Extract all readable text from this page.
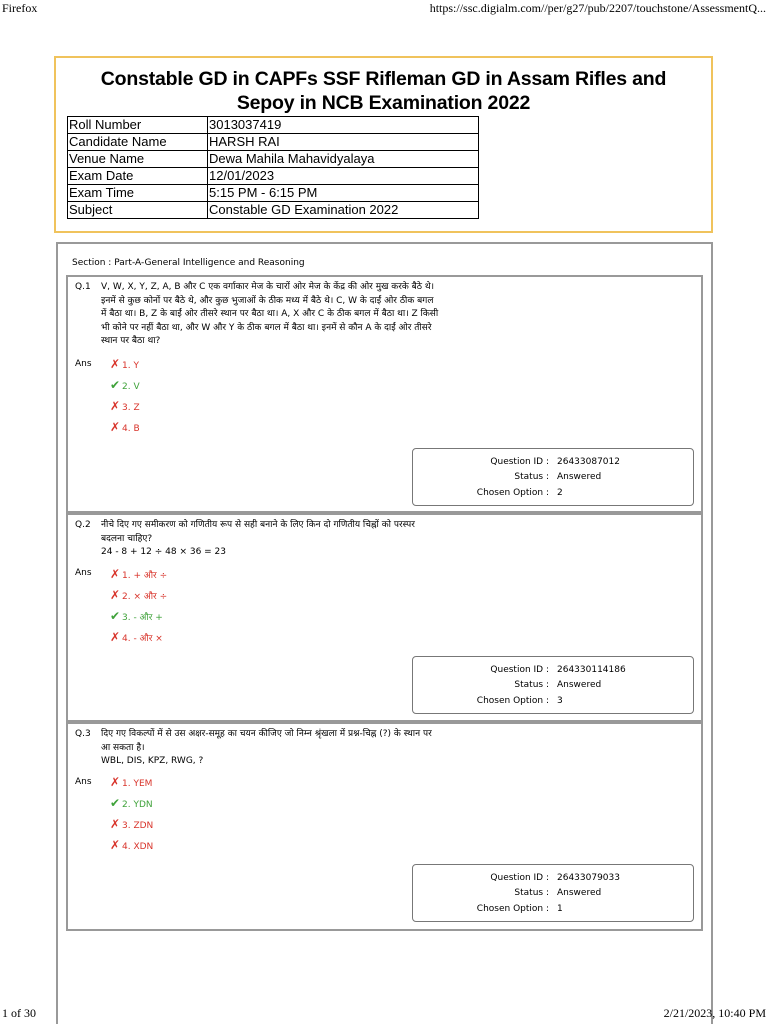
Firefox	https://ssc.digialm.com//per/g27/pub/2207/touchstone/AssessmentQ...
Constable GD in CAPFs SSF Rifleman GD in Assam Rifles and Sepoy in NCB Examination 2022
Roll Number	3013037419
Candidate Name	HARSH RAI
Venue Name	Dewa Mahila Mahavidyalaya
Exam Date	12/01/2023
Exam Time	5:15 PM - 6:15 PM
Subject	Constable GD Examination 2022
Section : Part-A-General Intelligence and Reasoning
Q.1 V, W, X, Y, Z, A, B और C एक वर्गाकार मेज के चारों ओर मेज के केंद्र की ओर मुख करके बैठे थे।
इनमें से कुछ कोनों पर बैठे थे, और कुछ भुजाओं के ठीक मध्य में बैठे थे। C, W के दाईं ओर ठीक बगल
में बैठा था। B, Z के बाईं ओर तीसरे स्थान पर बैठा था। A, X और C के ठीक बगल में बैठा था। Z किसी
भी कोने पर नहीं बैठा था, और W और Y के ठीक बगल में बैठा था। इनमें से कौन A के दाईं ओर तीसरे
स्थान पर बैठा था?
Ans ✗ 1. Y
✔ 2. V
✗ 3. Z
✗ 4. B
Question ID : 26433087012
Status : Answered
Chosen Option : 2
Q.2 नीचे दिए गए समीकरण को गणितीय रूप से सही बनाने के लिए किन दो गणितीय चिह्नों को परस्पर
बदलना चाहिए?
24 - 8 + 12 ÷ 48 × 36 = 23
Ans ✗ 1. + और ÷
✗ 2. × और ÷
✔ 3. - और +
✗ 4. - और ×
Question ID : 264330114186
Status : Answered
Chosen Option : 3
Q.3 दिए गए विकल्पों में से उस अक्षर-समूह का चयन कीजिए जो निम्न श्रृंखला में प्रश्न-चिह्न (?) के स्थान पर
आ सकता है।
WBL, DIS, KPZ, RWG, ?
Ans ✗ 1. YEM
✔ 2. YDN
✗ 3. ZDN
✗ 4. XDN
Question ID : 26433079033
Status : Answered
Chosen Option : 1
1 of 30	2/21/2023, 10:40 PM
